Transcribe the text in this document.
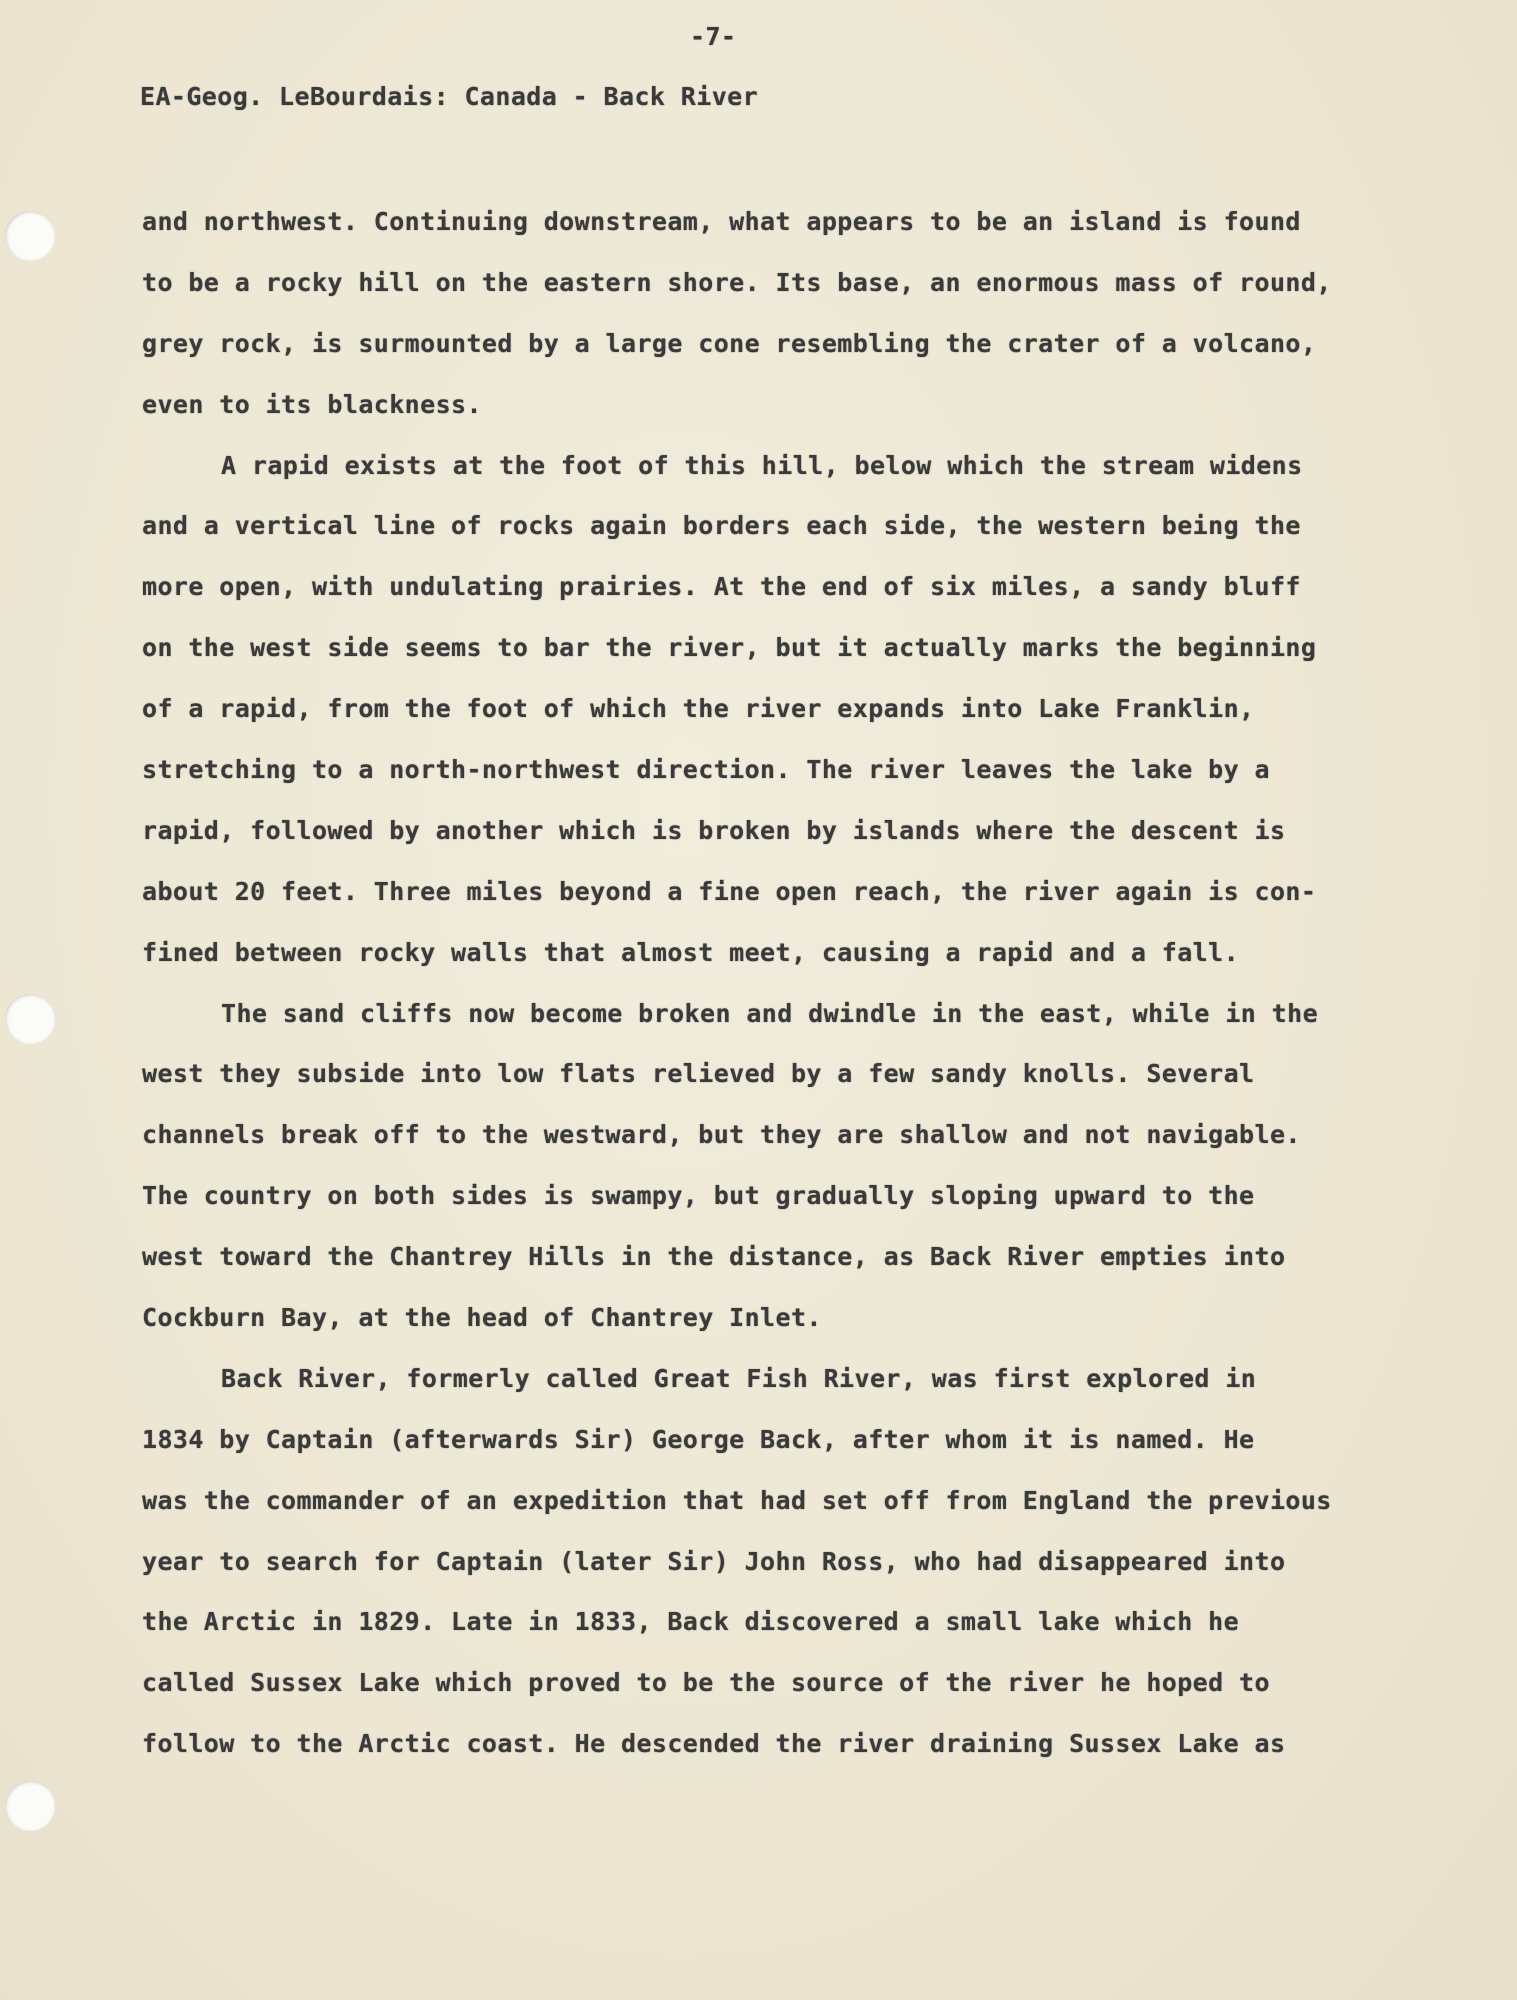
-7-

EA-Geog. LeBourdais: Canada - Back River

and northwest. Continuing downstream, what appears to be an island is found
to be a rocky hill on the eastern shore. Its base, an enormous mass of round,
grey rock, is surmounted by a large cone resembling the crater of a volcano,
even to its blackness.
A rapid exists at the foot of this hill, below which the stream widens
and a vertical line of rocks again borders each side, the western being the
more open, with undulating prairies. At the end of six miles, a sandy bluff
on the west side seems to bar the river, but it actually marks the beginning
of a rapid, from the foot of which the river expands into Lake Franklin,
stretching to a north-northwest direction. The river leaves the lake by a
rapid, followed by another which is broken by islands where the descent is
about 20 feet. Three miles beyond a fine open reach, the river again is con-
fined between rocky walls that almost meet, causing a rapid and a fall.
The sand cliffs now become broken and dwindle in the east, while in the
west they subside into low flats relieved by a few sandy knolls. Several
channels break off to the westward, but they are shallow and not navigable.
The country on both sides is swampy, but gradually sloping upward to the
west toward the Chantrey Hills in the distance, as Back River empties into
Cockburn Bay, at the head of Chantrey Inlet.
Back River, formerly called Great Fish River, was first explored in
1834 by Captain (afterwards Sir) George Back, after whom it is named. He
was the commander of an expedition that had set off from England the previous
year to search for Captain (later Sir) John Ross, who had disappeared into
the Arctic in 1829. Late in 1833, Back discovered a small lake which he
called Sussex Lake which proved to be the source of the river he hoped to
follow to the Arctic coast. He descended the river draining Sussex Lake as
